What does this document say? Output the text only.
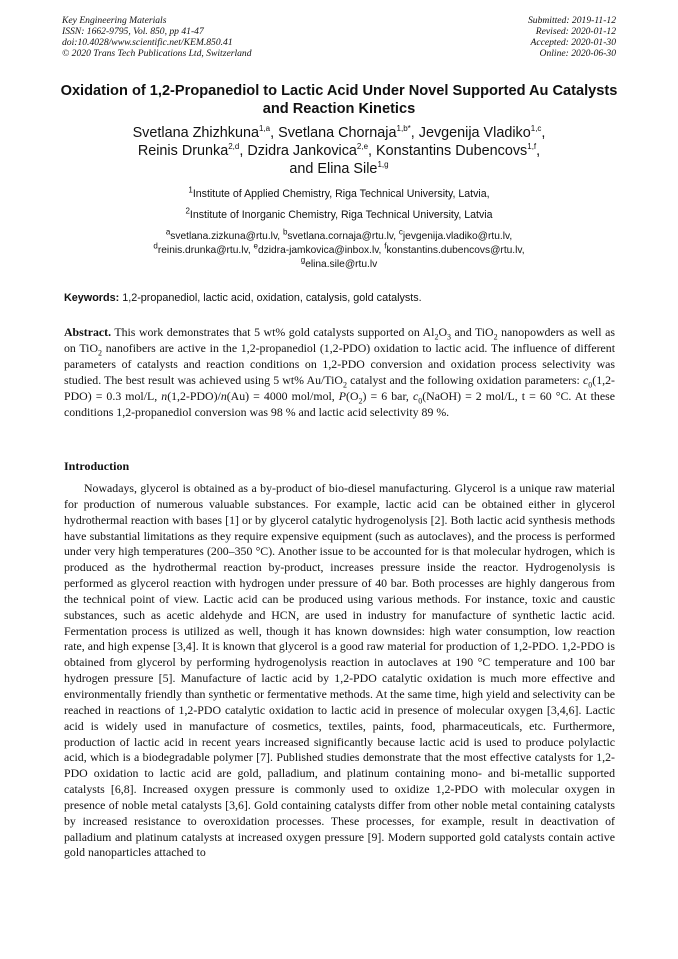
Key Engineering Materials
ISSN: 1662-9795, Vol. 850, pp 41-47
doi:10.4028/www.scientific.net/KEM.850.41
© 2020 Trans Tech Publications Ltd, Switzerland
Submitted: 2019-11-12
Revised: 2020-01-12
Accepted: 2020-01-30
Online: 2020-06-30
Oxidation of 1,2-Propanediol to Lactic Acid Under Novel Supported Au Catalysts and Reaction Kinetics
Svetlana Zhizhkuna$^{1,a}$, Svetlana Chornaja$^{1,b*}$, Jevgenija Vladiko$^{1,c}$,
Reinis Drunka$^{2,d}$, Dzidra Jankovica$^{2,e}$, Konstantins Dubencovs$^{1,f}$,
and Elina Sile$^{1,g}$
$^1$Institute of Applied Chemistry, Riga Technical University, Latvia,
$^2$Institute of Inorganic Chemistry, Riga Technical University, Latvia
$^a$svetlana.zizkuna@rtu.lv, $^b$svetlana.cornaja@rtu.lv, $^c$jevgenija.vladiko@rtu.lv,
$^d$reinis.drunka@rtu.lv, $^e$dzidra-jamkovica@inbox.lv, $^f$konstantins.dubencovs@rtu.lv,
$^g$elina.sile@rtu.lv
Keywords: 1,2-propanediol, lactic acid, oxidation, catalysis, gold catalysts.
Abstract. This work demonstrates that 5 wt% gold catalysts supported on $Al_2O_3$ and TiO$_2$ nanopowders as well as on TiO$_2$ nanofibers are active in the 1,2-propanediol (1,2-PDO) oxidation to lactic acid. The influence of different parameters of catalysts and reaction conditions on 1,2-PDO conversion and oxidation process selectivity was studied. The best result was achieved using 5 wt% Au/TiO$_2$ catalyst and the following oxidation parameters: $c_0(1,2-PDO) = 0.3$ mol/L, n(1,2-PDO)/n(Au) = 4000 mol/mol, $P(O_2) = 6$ bar, $c_0(NaOH) = 2$ mol/L, t = 60 °C. At these conditions 1,2-propanediol conversion was 98 % and lactic acid selectivity 89 %.
Introduction
Nowadays, glycerol is obtained as a by-product of bio-diesel manufacturing. Glycerol is a unique raw material for production of numerous valuable substances. For example, lactic acid can be obtained either in glycerol hydrothermal reaction with bases [1] or by glycerol catalytic hydrogenolysis [2]. Both lactic acid synthesis methods have substantial limitations as they require expensive equipment (such as autoclaves), and the process is performed under very high temperatures (200–350 °C). Another issue to be accounted for is that molecular hydrogen, which is produced as the hydrothermal reaction by-product, increases pressure inside the reactor. Hydrogenolysis is performed as glycerol reaction with hydrogen under pressure of 40 bar. Both processes are highly dangerous from the technical point of view. Lactic acid can be produced using various methods. For instance, toxic and caustic substances, such as acetic aldehyde and HCN, are used in industry for manufacture of synthetic lactic acid. Fermentation process is utilized as well, though it has known downsides: high water consumption, low reaction rate, and high expense [3,4]. It is known that glycerol is a good raw material for production of 1,2-PDO. 1,2-PDO is obtained from glycerol by performing hydrogenolysis reaction in autoclaves at 190 °C temperature and 100 bar hydrogen pressure [5]. Manufacture of lactic acid by 1,2-PDO catalytic oxidation is much more effective and environmentally friendly than synthetic or fermentative methods. At the same time, high yield and selectivity can be reached in reactions of 1,2-PDO catalytic oxidation to lactic acid in presence of molecular oxygen [3,4,6]. Lactic acid is widely used in manufacture of cosmetics, textiles, paints, food, pharmaceuticals, etc. Furthermore, production of lactic acid in recent years increased significantly because lactic acid is used to produce polylactic acid, which is a biodegradable polymer [7]. Published studies demonstrate that the most effective catalysts for 1,2-PDO oxidation to lactic acid are gold, palladium, and platinum containing mono- and bi-metallic supported catalysts [6,8]. Increased oxygen pressure is commonly used to oxidize 1,2-PDO with molecular oxygen in presence of noble metal catalysts [3,6]. Gold containing catalysts differ from other noble metal containing catalysts by increased resistance to overoxidation processes. These processes, for example, result in deactivation of palladium and platinum catalysts at increased oxygen pressure [9]. Modern supported gold catalysts contain active gold nanoparticles attached to
